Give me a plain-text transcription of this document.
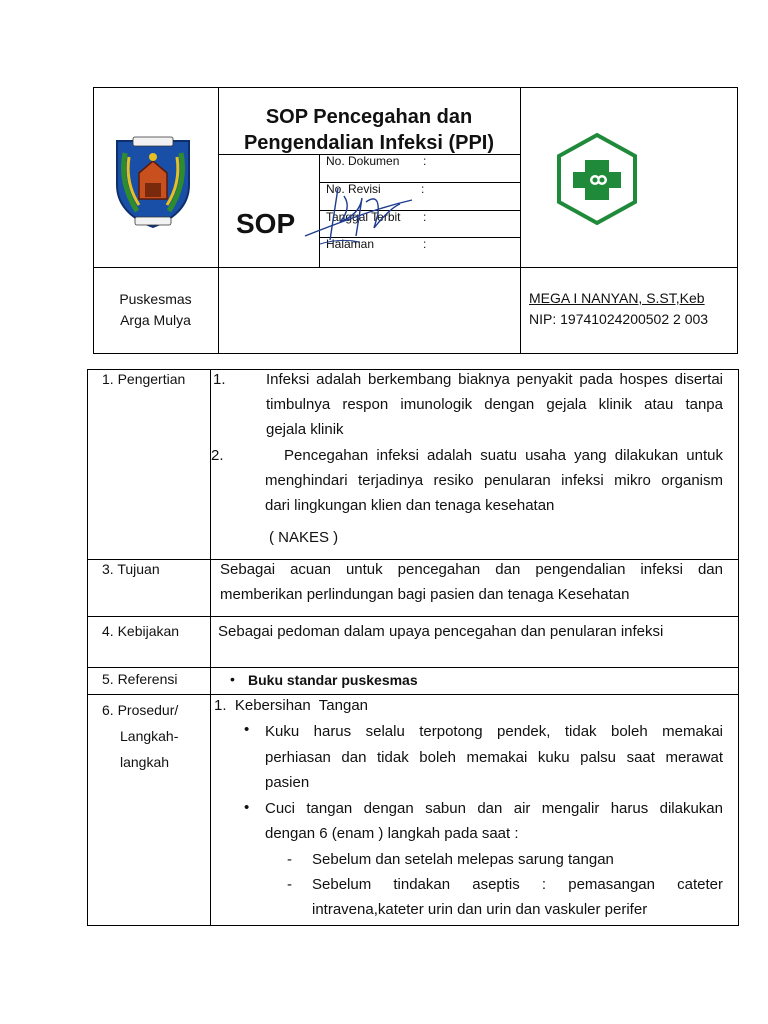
SOP Pencegahan dan
Pengendalian Infeksi (PPI)
SOP
No. Dokumen :
No. Revisi	:
Tanggal Terbit :
Halaman	:
Puskesmas
Arga Mulya
MEGA I NANYAN, S.ST,Keb
NIP: 19741024200502 2 003
1. Pengertian 1.	Infeksi adalah berkembang biaknya penyakit pada hospes disertai
timbulnya respon imunologik dengan gejala klinik atau tanpa
gejala klinik
2.	Pencegahan infeksi adalah suatu usaha yang dilakukan untuk
menghindari terjadinya resiko penularan infeksi mikro organism
dari lingkungan klien dan tenaga kesehatan
( NAKES )
3. Tujuan	Sebagai acuan untuk pencegahan dan pengendalian infeksi dan
memberikan perlindungan bagi pasien dan tenaga Kesehatan
4. Kebijakan	Sebagai pedoman dalam upaya pencegahan dan penularan infeksi
5. Referensi	• Buku standar puskesmas
6. Prosedur/
Langkah-
langkah
1.  Kebersihan  Tangan
• Kuku harus selalu terpotong pendek, tidak boleh memakai
perhiasan dan tidak boleh memakai kuku palsu saat merawat
pasien
• Cuci tangan dengan sabun dan air mengalir harus dilakukan
dengan 6 (enam ) langkah pada saat :
- Sebelum dan setelah melepas sarung tangan
- Sebelum tindakan aseptis : pemasangan cateter
intravena,kateter urin dan urin dan vaskuler perifer
